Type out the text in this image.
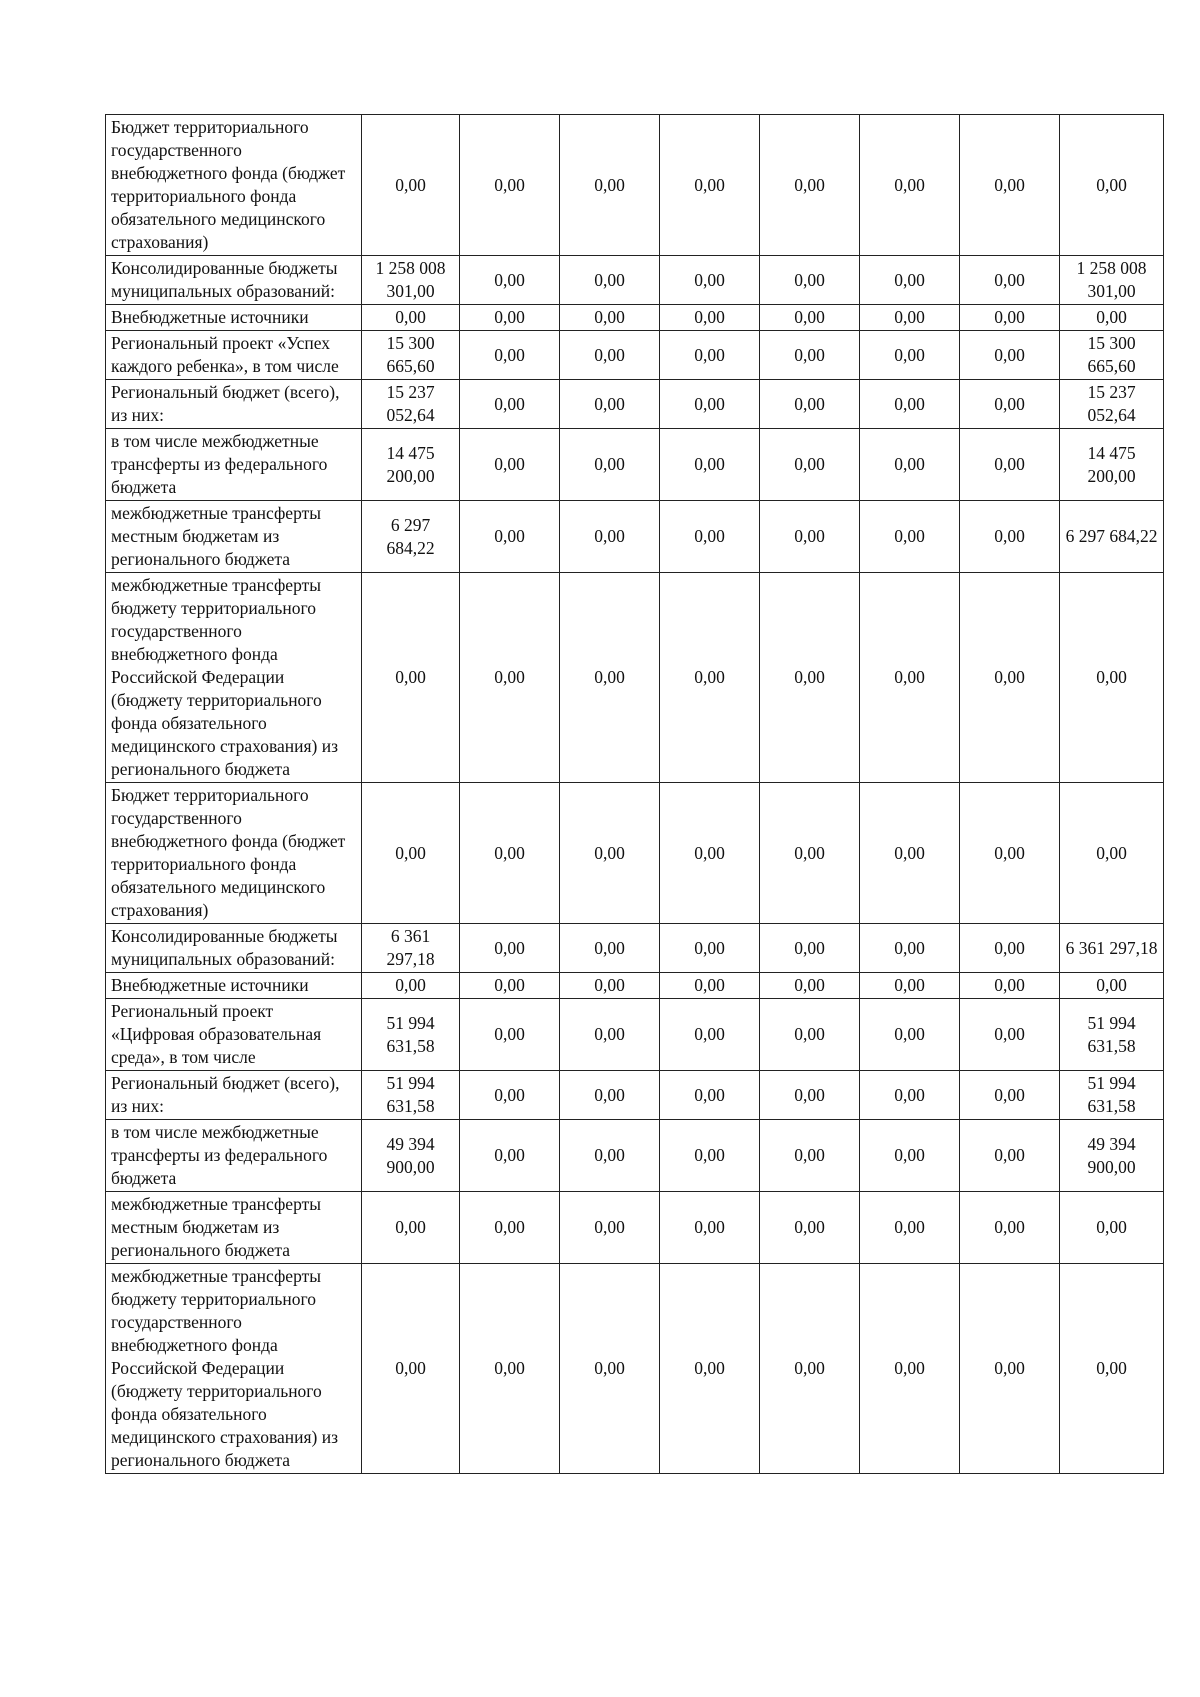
Бюджет территориального государственного внебюджетного фонда (бюджет территориального фонда обязательного медицинского страхования)	0,00	0,00	0,00	0,00	0,00	0,00	0,00	0,00
Консолидированные бюджеты муниципальных образований:	1 258 008 301,00	0,00	0,00	0,00	0,00	0,00	0,00	1 258 008 301,00
Внебюджетные источники	0,00	0,00	0,00	0,00	0,00	0,00	0,00	0,00
Региональный проект «Успех каждого ребенка», в том числе	15 300 665,60	0,00	0,00	0,00	0,00	0,00	0,00	15 300 665,60
Региональный бюджет (всего), из них:	15 237 052,64	0,00	0,00	0,00	0,00	0,00	0,00	15 237 052,64
в том числе межбюджетные трансферты из федерального бюджета	14 475 200,00	0,00	0,00	0,00	0,00	0,00	0,00	14 475 200,00
межбюджетные трансферты местным бюджетам из регионального бюджета	6 297 684,22	0,00	0,00	0,00	0,00	0,00	0,00	6 297 684,22
межбюджетные трансферты бюджету территориального государственного внебюджетного фонда Российской Федерации (бюджету территориального фонда обязательного медицинского страхования) из регионального бюджета	0,00	0,00	0,00	0,00	0,00	0,00	0,00	0,00
Бюджет территориального государственного внебюджетного фонда (бюджет территориального фонда обязательного медицинского страхования)	0,00	0,00	0,00	0,00	0,00	0,00	0,00	0,00
Консолидированные бюджеты муниципальных образований:	6 361 297,18	0,00	0,00	0,00	0,00	0,00	0,00	6 361 297,18
Внебюджетные источники	0,00	0,00	0,00	0,00	0,00	0,00	0,00	0,00
Региональный проект «Цифровая образовательная среда», в том числе	51 994 631,58	0,00	0,00	0,00	0,00	0,00	0,00	51 994 631,58
Региональный бюджет (всего), из них:	51 994 631,58	0,00	0,00	0,00	0,00	0,00	0,00	51 994 631,58
в том числе межбюджетные трансферты из федерального бюджета	49 394 900,00	0,00	0,00	0,00	0,00	0,00	0,00	49 394 900,00
межбюджетные трансферты местным бюджетам из регионального бюджета	0,00	0,00	0,00	0,00	0,00	0,00	0,00	0,00
межбюджетные трансферты бюджету территориального государственного внебюджетного фонда Российской Федерации (бюджету территориального фонда обязательного медицинского страхования) из регионального бюджета	0,00	0,00	0,00	0,00	0,00	0,00	0,00	0,00
